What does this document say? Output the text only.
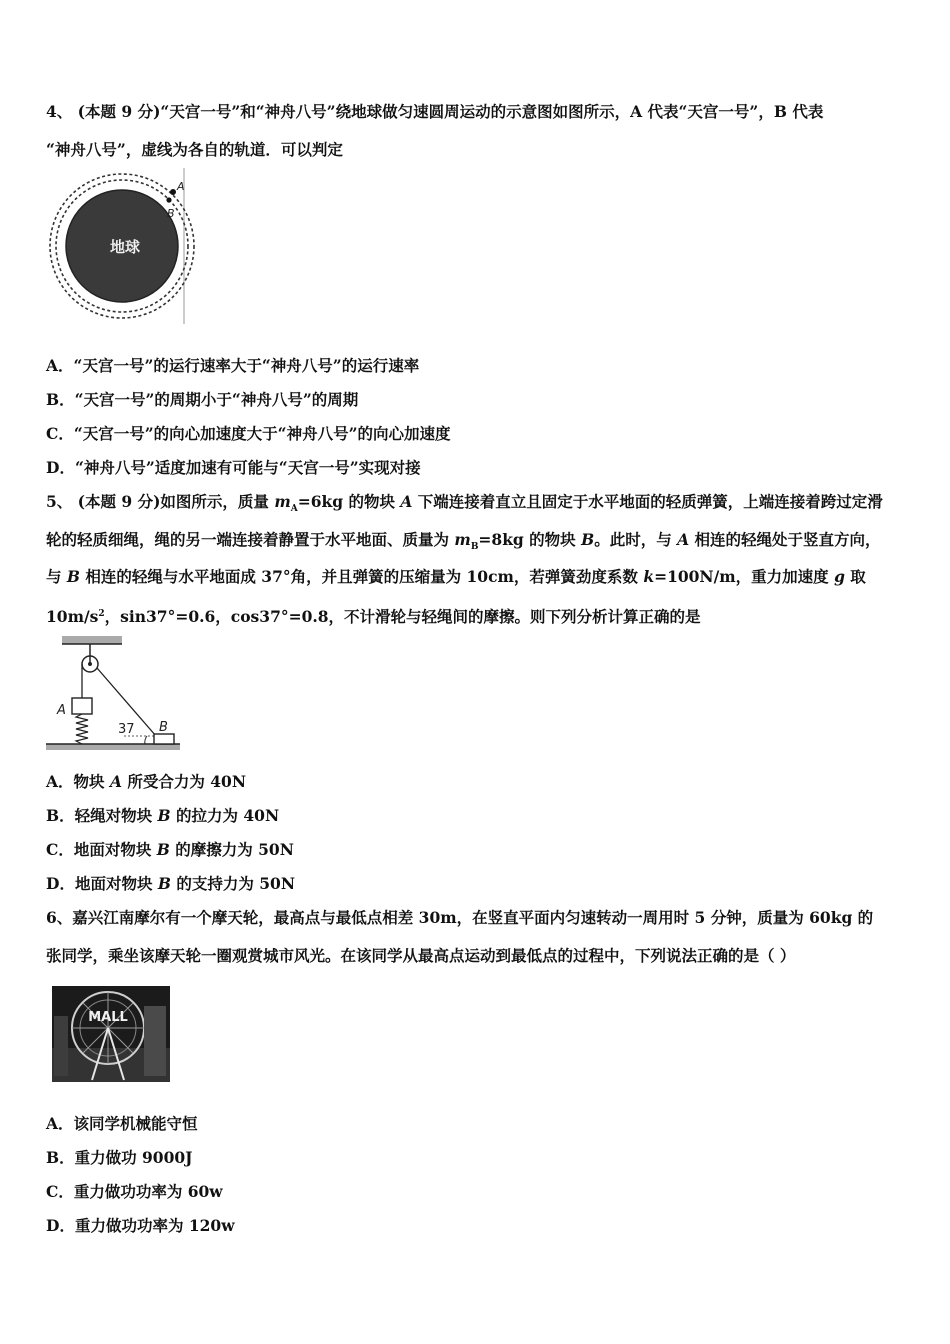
4、 (本题 9 分)“天宫一号”和“神舟八号”绕地球做匀速圆周运动的示意图如图所示，A 代表“天宫一号”，B 代表
“神舟八号”，虚线为各自的轨道．可以判定
地球
A
B
A．“天宫一号”的运行速率大于“神舟八号”的运行速率
B．“天宫一号”的周期小于“神舟八号”的周期
C．“天宫一号”的向心加速度大于“神舟八号”的向心加速度
D．“神舟八号”适度加速有可能与“天宫一号”实现对接
5、 (本题 9 分)如图所示，质量 $m_A=6kg$ 的物块 A 下端连接着直立且固定于水平地面的轻质弹簧，上端连接着跨过定滑
轮的轻质细绳，绳的另一端连接着静置于水平地面、质量为 $m_B=8kg$ 的物块 B。此时，与 A 相连的轻绳处于竖直方向，
与 B 相连的轻绳与水平地面成 37°角，并且弹簧的压缩量为 10cm，若弹簧劲度系数 k=100N/m，重力加速度 g 取
$10m/s^2$，sin37°=0.6，cos37°=0.8，不计滑轮与轻绳间的摩擦。则下列分析计算正确的是
A
B
37
A．物块 A 所受合力为 40N
B．轻绳对物块 B 的拉力为 40N
C．地面对物块 B 的摩擦力为 50N
D．地面对物块 B 的支持力为 50N
6、嘉兴江南摩尔有一个摩天轮，最高点与最低点相差 30m，在竖直平面内匀速转动一周用时 5 分钟，质量为 60kg 的
张同学，乘坐该摩天轮一圈观赏城市风光。在该同学从最高点运动到最低点的过程中，下列说法正确的是（ ）
MALL
A．该同学机械能守恒
B．重力做功 9000J
C．重力做功功率为 60w
D．重力做功功率为 120w
